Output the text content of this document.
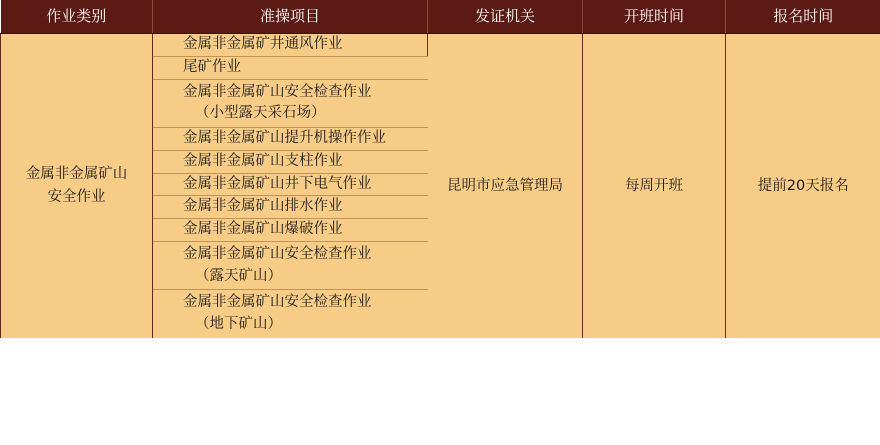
作业类别	准操项目	发证机关	开班时间	报名时间

金属非金属矿山
安全作业	金属非金属矿井通风作业	昆明市应急管理局	每周开班	提前20天报名
	尾矿作业			
	金属非金属矿山安全检查作业
（小型露天采石场）			

	金属非金属矿山提升机操作作业			
	金属非金属矿山支柱作业			
	金属非金属矿山井下电气作业			
	金属非金属矿山排水作业			
	金属非金属矿山爆破作业			
	金属非金属矿山安全检查作业
（露天矿山）			

	金属非金属矿山安全检查作业
（地下矿山）			
